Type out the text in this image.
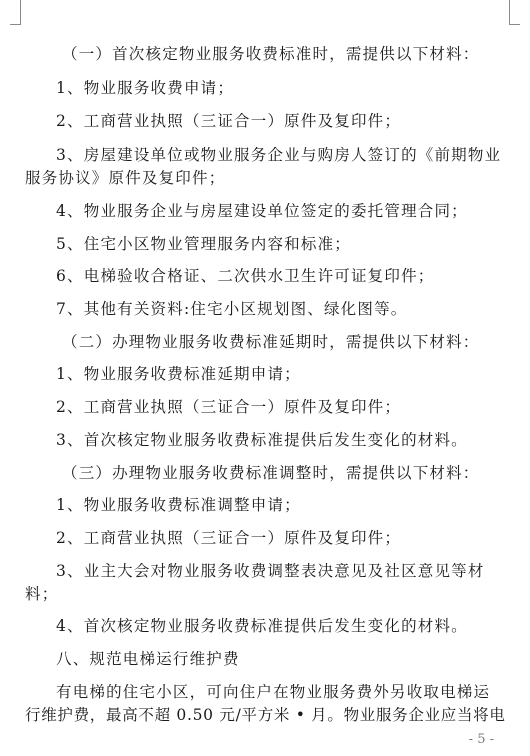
（一）首次核定物业服务收费标准时，需提供以下材料：
1、物业服务收费申请；
2、工商营业执照（三证合一）原件及复印件；
3、房屋建设单位或物业服务企业与购房人签订的《前期物业
服务协议》原件及复印件；
4、物业服务企业与房屋建设单位签定的委托管理合同；
5、住宅小区物业管理服务内容和标准；
6、电梯验收合格证、二次供水卫生许可证复印件；
7、其他有关资料:住宅小区规划图、绿化图等。
（二）办理物业服务收费标准延期时，需提供以下材料：
1、物业服务收费标准延期申请；
2、工商营业执照（三证合一）原件及复印件；
3、首次核定物业服务收费标准提供后发生变化的材料。
（三）办理物业服务收费标准调整时，需提供以下材料：
1、物业服务收费标准调整申请；
2、工商营业执照（三证合一）原件及复印件；
3、业主大会对物业服务收费调整表决意见及社区意见等材
料；
4、首次核定物业服务收费标准提供后发生变化的材料。
八、规范电梯运行维护费
有电梯的住宅小区，可向住户在物业服务费外另收取电梯运
行维护费，最高不超 0.50 元/平方米 • 月。物业服务企业应当将电
- 5 -
